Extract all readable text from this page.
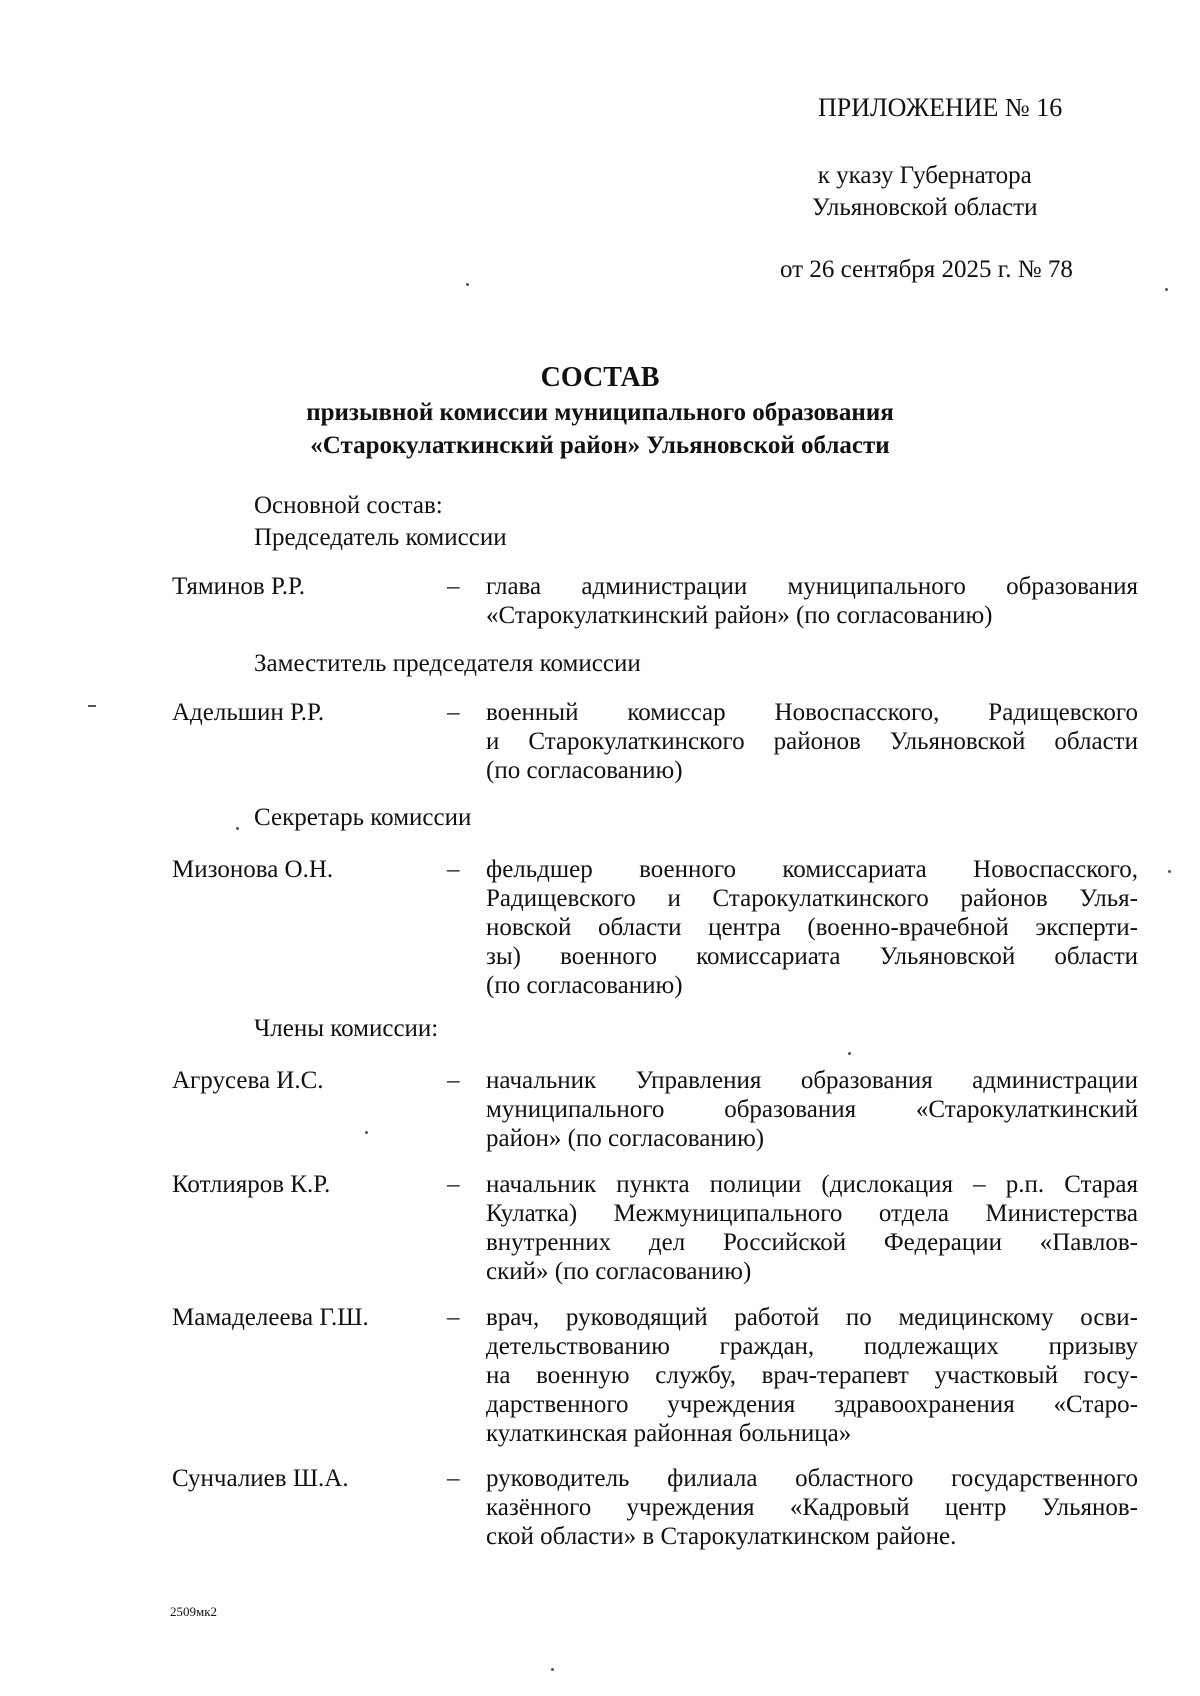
ПРИЛОЖЕНИЕ № 16
к указу Губернатора
Ульяновской области
от 26 сентября 2025 г. № 78
СОСТАВ
призывной комиссии муниципального образования
«Старокулаткинский район» Ульяновской области
Основной состав:
Председатель комиссии
Тяминов Р.Р.	– глава администрации муниципального образования
«Старокулаткинский район» (по согласованию)
Заместитель председателя комиссии
Адельшин Р.Р.	– военный комиссар Новоспасского, Радищевского
и Старокулаткинского районов Ульяновской области
(по согласованию)
Секретарь комиссии
Мизонова О.Н.	– фельдшер военного комиссариата Новоспасского,
Радищевского и Старокулаткинского районов Улья-
новской области центра (военно-врачебной эксперти-
зы) военного комиссариата Ульяновской области
(по согласованию)
Члены комиссии:
Агрусева И.С.	– начальник Управления образования администрации
муниципального образования «Старокулаткинский
район» (по согласованию)
Котлияров К.Р.	– начальник пункта полиции (дислокация – р.п. Старая
Кулатка) Межмуниципального отдела Министерства
внутренних дел Российской Федерации «Павлов-
ский» (по согласованию)
Мамаделеева Г.Ш.	– врач, руководящий работой по медицинскому осви-
детельствованию граждан, подлежащих призыву
на военную службу, врач-терапевт участковый госу-
дарственного учреждения здравоохранения «Старо-
кулаткинская районная больница»
Сунчалиев Ш.А.	– руководитель филиала областного государственного
казённого учреждения «Кадровый центр Ульянов-
ской области» в Старокулаткинском районе.
2509мк2
